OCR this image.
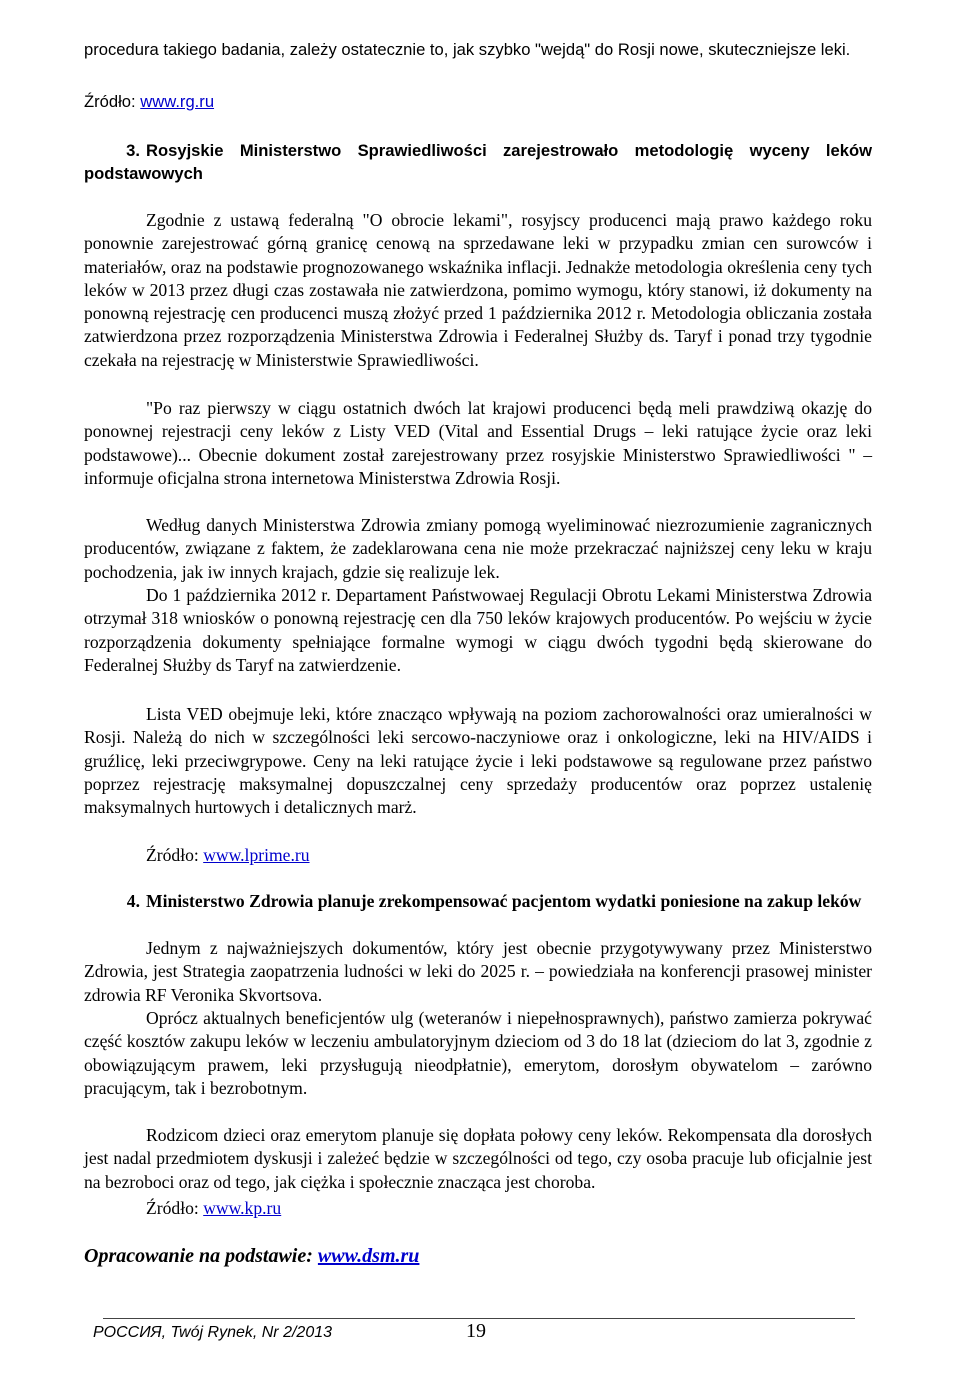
procedura takiego badania, zależy ostatecznie to, jak szybko "wejdą" do Rosji nowe, skuteczniejsze leki.
Źródło: www.rg.ru
3. Rosyjskie Ministerstwo Sprawiedliwości zarejestrowało metodologię wyceny leków podstawowych
Zgodnie z ustawą federalną "O obrocie lekami", rosyjscy producenci mają prawo każdego roku ponownie zarejestrować górną granicę cenową na sprzedawane leki w przypadku zmian cen surowców i materiałów, oraz na podstawie prognozowanego wskaźnika inflacji. Jednakże metodologia określenia ceny tych leków w 2013 przez długi czas zostawała nie zatwierdzona, pomimo wymogu, który stanowi, iż dokumenty na ponowną rejestrację cen producenci muszą złożyć przed 1 października 2012 r. Metodologia obliczania została zatwierdzona przez rozporządzenia Ministerstwa Zdrowia i Federalnej Służby ds. Taryf i ponad trzy tygodnie czekała na rejestrację w Ministerstwie Sprawiedliwości.
"Po raz pierwszy w ciągu ostatnich dwóch lat krajowi producenci będą meli prawdziwą okazję do ponownej rejestracji ceny leków z Listy VED (Vital and Essential Drugs – leki ratujące życie oraz leki podstawowe)... Obecnie dokument został zarejestrowany przez rosyjskie Ministerstwo Sprawiedliwości " – informuje oficjalna strona internetowa Ministerstwa Zdrowia Rosji.
Według danych Ministerstwa Zdrowia zmiany pomogą wyeliminować niezrozumienie zagranicznych producentów, związane z faktem, że zadeklarowana cena nie może przekraczać najniższej ceny leku w kraju pochodzenia, jak iw innych krajach, gdzie się realizuje lek.
Do 1 października 2012 r. Departament Państwowaej Regulacji Obrotu Lekami Ministerstwa Zdrowia otrzymał 318 wniosków o ponowną rejestrację cen dla 750 leków krajowych producentów. Po wejściu w życie rozporządzenia dokumenty spełniające formalne wymogi w ciągu dwóch tygodni będą skierowane do Federalnej Służby ds Taryf na zatwierdzenie.
Lista VED obejmuje leki, które znacząco wpływają na poziom zachorowalności oraz umieralności w Rosji. Należą do nich w szczególności leki sercowo-naczyniowe oraz i onkologiczne, leki na HIV/AIDS i gruźlicę, leki przeciwgrypowe. Ceny na leki ratujące życie i leki podstawowe są regulowane przez państwo poprzez rejestrację maksymalnej dopuszczalnej ceny sprzedaży producentów oraz poprzez ustalenię maksymalnych hurtowych i detalicznych marż.
Źródło: www.lprime.ru
4. Ministerstwo Zdrowia planuje zrekompensować pacjentom wydatki poniesione na zakup leków
Jednym z najważniejszych dokumentów, który jest obecnie przygotywywany przez Ministerstwo Zdrowia, jest Strategia zaopatrzenia ludności w leki do 2025 r. – powiedziała na konferencji prasowej minister zdrowia RF Veronika Skvortsova.
Oprócz aktualnych beneficjentów ulg (weteranów i niepełnosprawnych), państwo zamierza pokrywać część kosztów zakupu leków w leczeniu ambulatoryjnym dzieciom od 3 do 18 lat (dzieciom do lat 3, zgodnie z obowiązującym prawem, leki przysługują nieodpłatnie), emerytom, dorosłym obywatelom – zarówno pracującym, tak i bezrobotnym.
Rodzicom dzieci oraz emerytom planuje się dopłata połowy ceny leków. Rekompensata dla dorosłych jest nadal przedmiotem dyskusji i zależeć będzie w szczególności od tego, czy osoba pracuje lub oficjalnie jest na bezroboci oraz od tego, jak ciężka i społecznie znacząca jest choroba.
Źródło: www.kp.ru
Opracowanie na podstawie: www.dsm.ru
РОССИЯ, Twój Rynek, Nr 2/2013	19
